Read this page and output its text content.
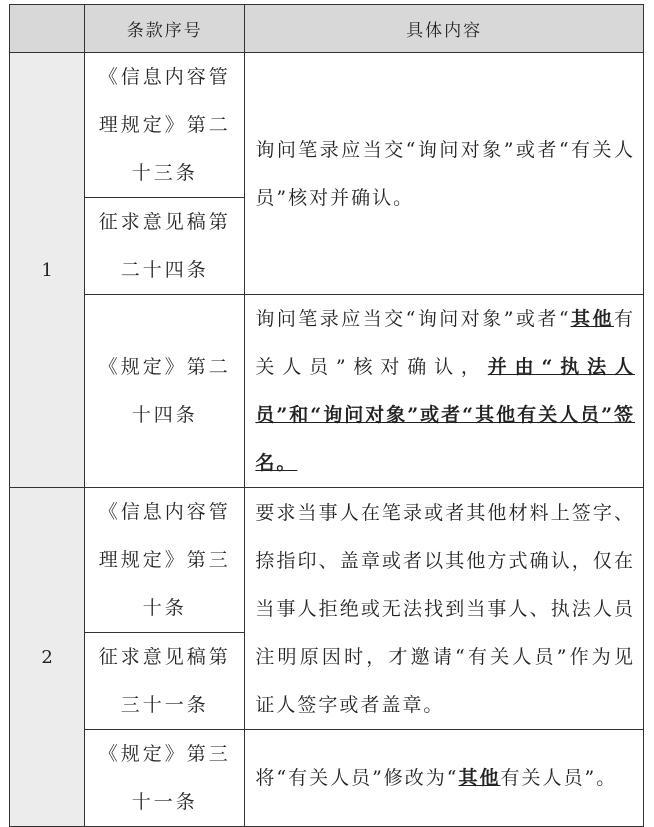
	条款序号	具体内容
1	《信息内容管理规定》第二十三条	询问笔录应当交“询问对象”或者“有关人员”核对并确认。
	征求意见稿第二十四条	
	《规定》第二十四条	询问笔录应当交“询问对象”或者“其他有关人员”核对确认，并由“执法人员”和“询问对象”或者“其他有关人员”签名。
2	《信息内容管理规定》第三十条	要求当事人在笔录或者其他材料上签字、捺指印、盖章或者以其他方式确认，仅在当事人拒绝或无法找到当事人、执法人员注明原因时，才邀请“有关人员”作为见证人签字或者盖章。
	征求意见稿第三十一条	
	《规定》第三十一条	将“有关人员”修改为“其他有关人员”。
